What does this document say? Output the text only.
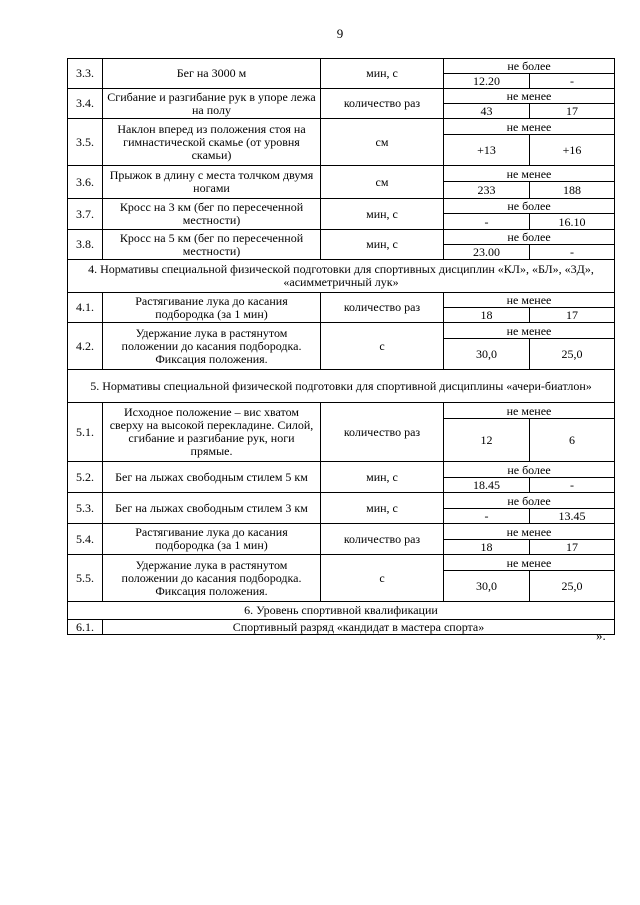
9
3.3.	Бег на 3000 м	мин, с	не более	
			12.20	-
3.4.	Сгибание и разгибание рук в упоре лежа на полу	количество раз	не менее	
			43	17
3.5.	Наклон вперед из положения стоя на гимнастической скамье (от уровня скамьи)	см	не менее	
			+13	+16
3.6.	Прыжок в длину с места толчком двумя ногами	см	не менее	
			233	188
3.7.	Кросс на 3 км (бег по пересеченной местности)	мин, с	не более	
			-	16.10
3.8.	Кросс на 5 км (бег по пересеченной местности)	мин, с	не более	
			23.00	-
4. Нормативы специальной физической подготовки для спортивных дисциплин «КЛ», «БЛ», «3Д», «асимметричный лук»				
4.1.	Растягивание лука до касания подбородка (за 1 мин)	количество раз	не менее	
			18	17
4.2.	Удержание лука в растянутом положении до касания подбородка. Фиксация положения.	с	не менее	
			30,0	25,0
5. Нормативы специальной физической подготовки для спортивной дисциплины «ачери-биатлон»				
5.1.	Исходное положение – вис хватом сверху на высокой перекладине. Силой, сгибание и разгибание рук, ноги прямые.	количество раз	не менее	
			12	6
5.2.	Бег на лыжах свободным стилем 5 км	мин, с	не более	
			18.45	-
5.3.	Бег на лыжах свободным стилем 3 км	мин, с	не более	
			-	13.45
5.4.	Растягивание лука до касания подбородка (за 1 мин)	количество раз	не менее	
			18	17
5.5.	Удержание лука в растянутом положении до касания подбородка. Фиксация положения.	с	не менее	
			30,0	25,0
6. Уровень спортивной квалификации				
6.1.	Спортивный разряд «кандидат в мастера спорта»			
».
